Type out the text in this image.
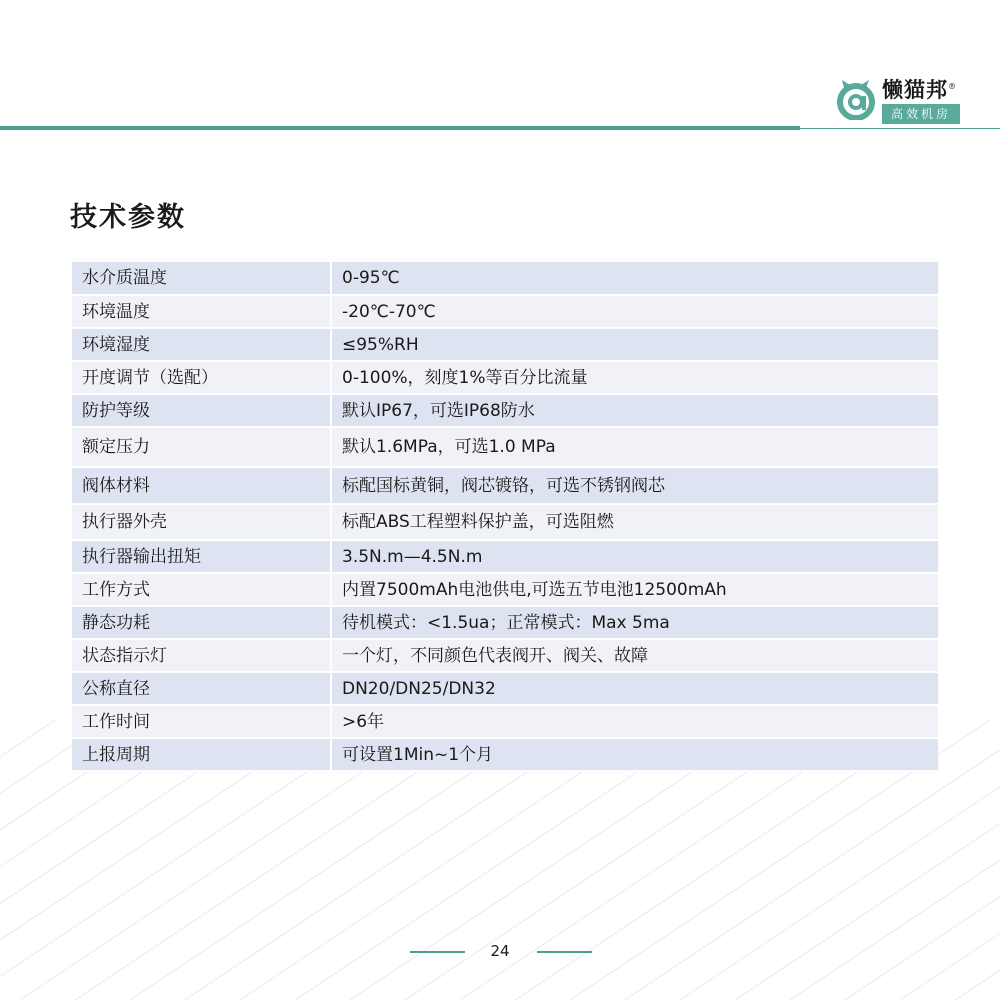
懒猫邦®
高效机房
技术参数
水介质温度	0-95℃
环境温度	-20℃-70℃
环境湿度	≤95%RH
开度调节（选配）	0-100%，刻度1%等百分比流量
防护等级	默认IP67，可选IP68防水
额定压力	默认1.6MPa，可选1.0 MPa
阀体材料	标配国标黄铜，阀芯镀铬，可选不锈钢阀芯
执行器外壳	标配ABS工程塑料保护盖，可选阻燃
执行器输出扭矩	3.5N.m—4.5N.m
工作方式	内置7500mAh电池供电,可选五节电池12500mAh
静态功耗	待机模式：<1.5ua；正常模式：Max 5ma
状态指示灯	一个灯，不同颜色代表阀开、阀关、故障
公称直径	DN20/DN25/DN32
工作时间	>6年
上报周期	可设置1Min~1个月
24
